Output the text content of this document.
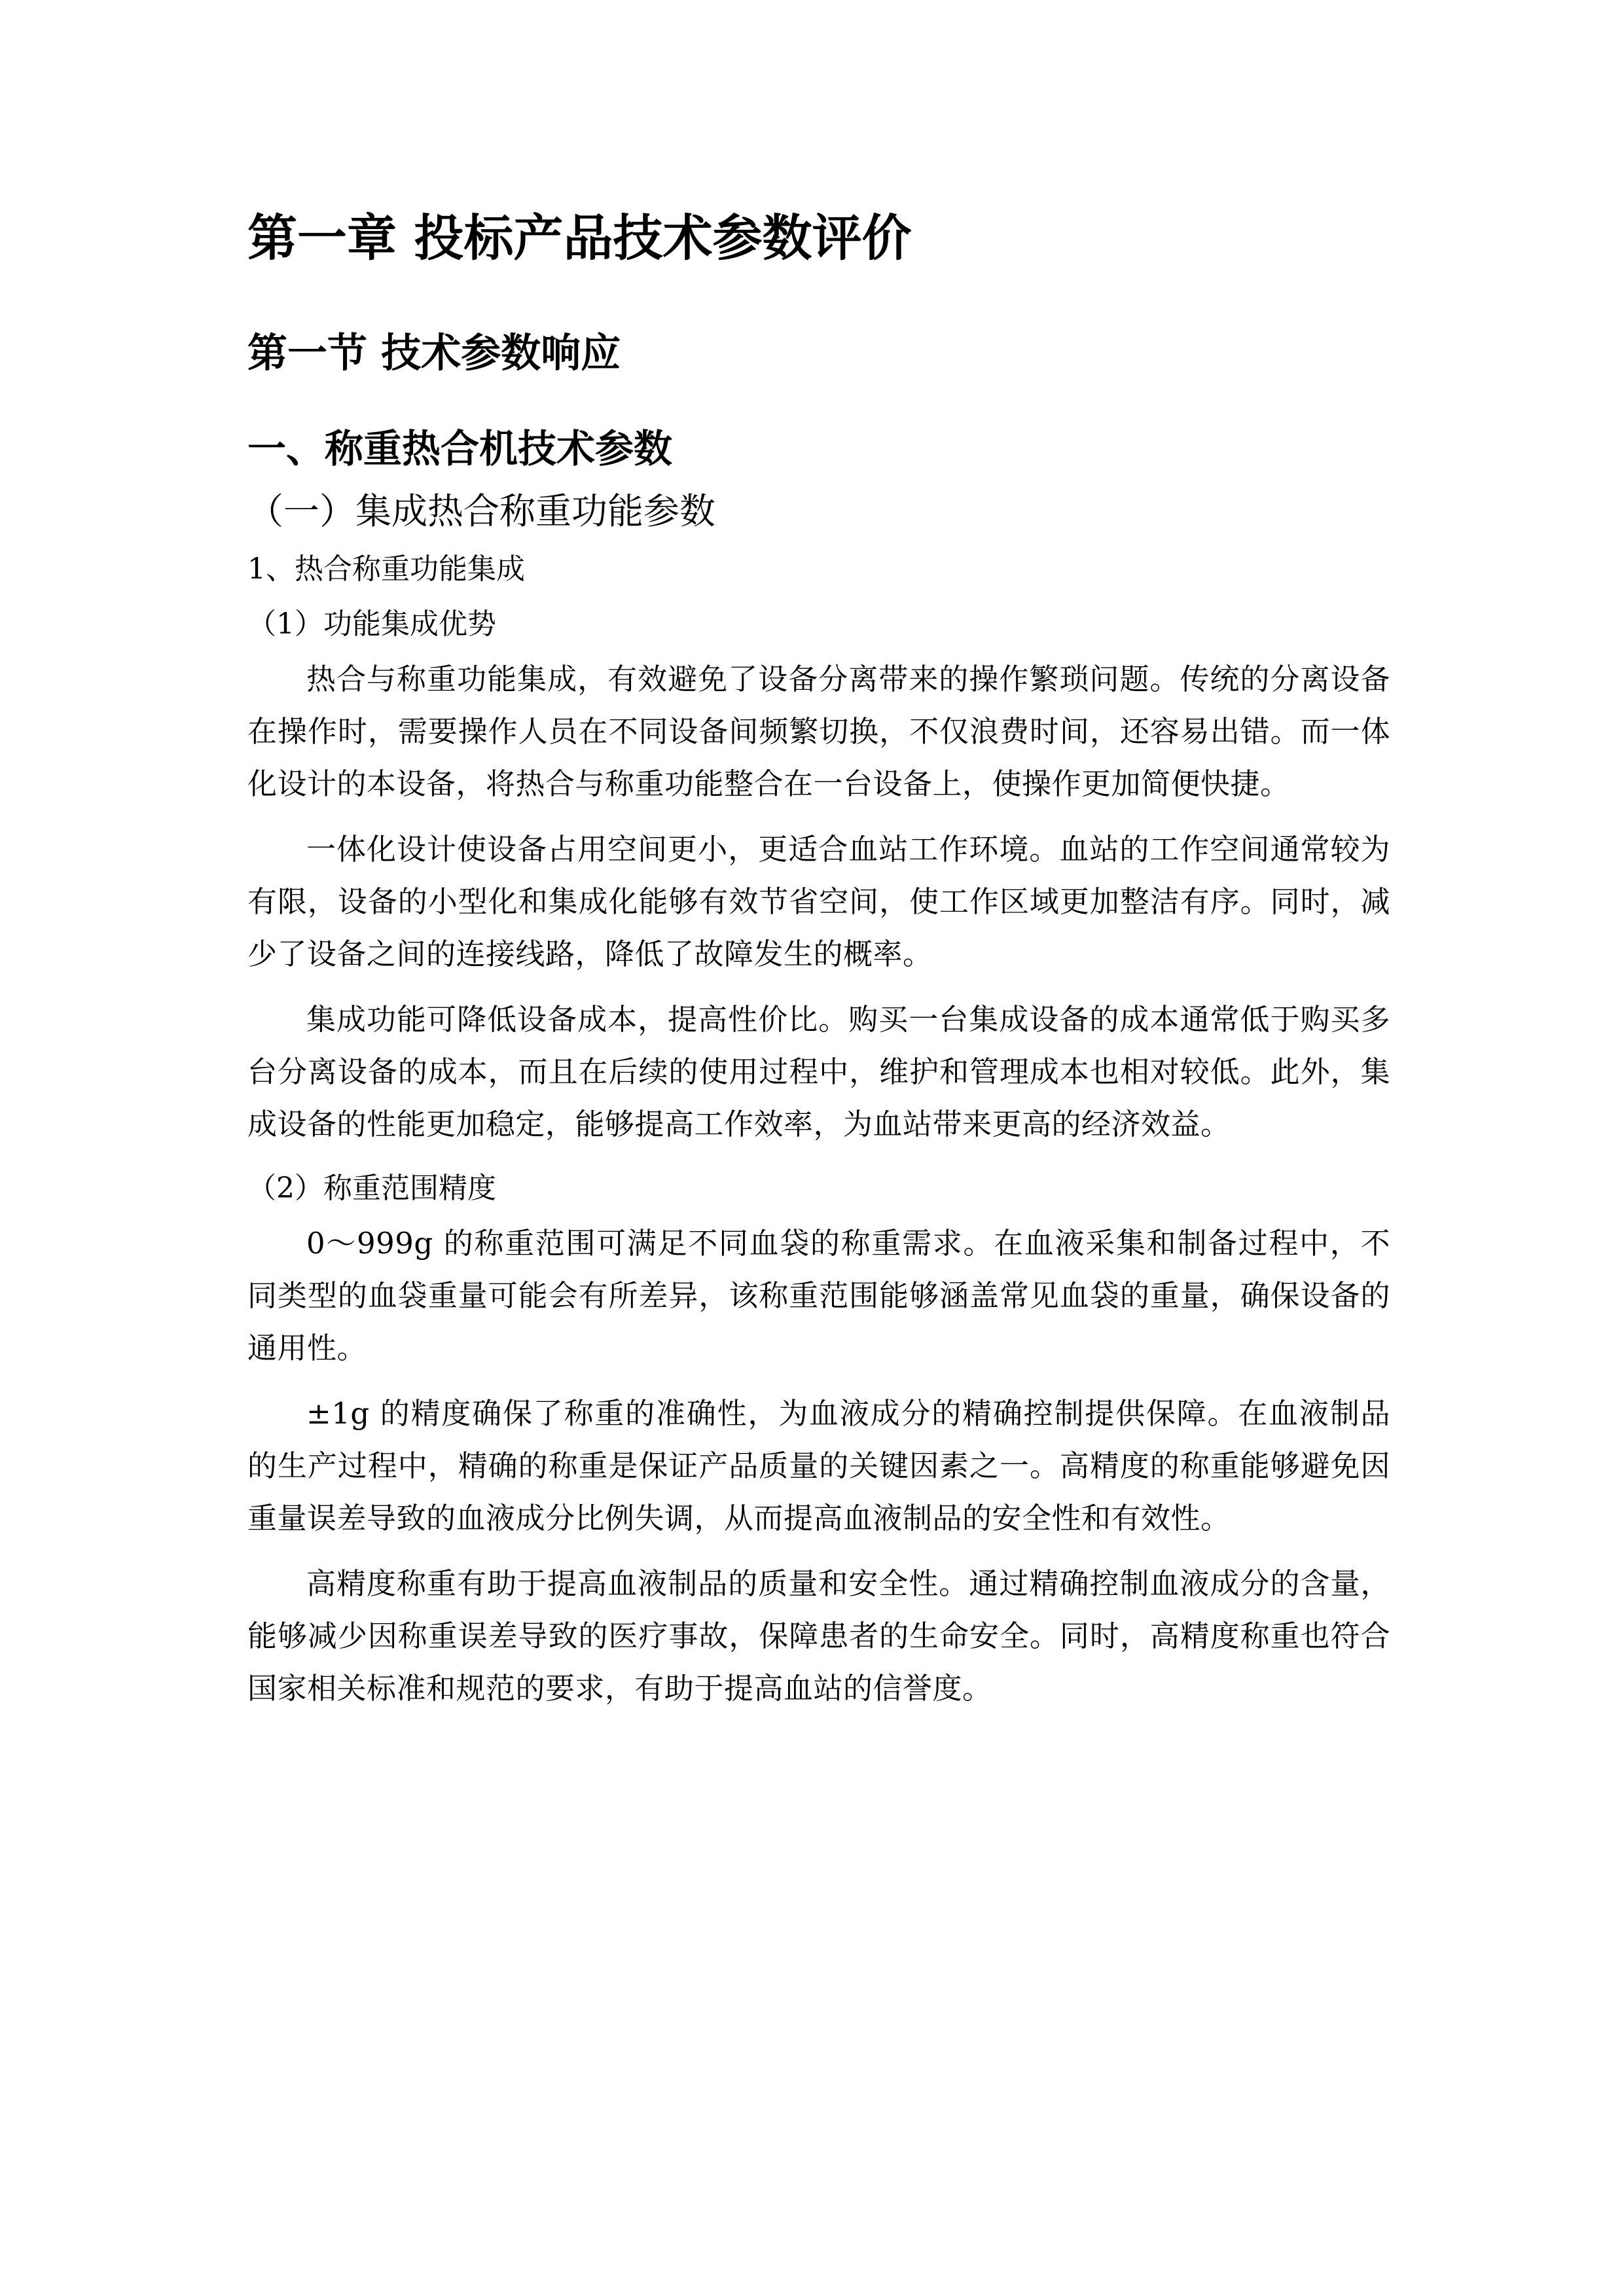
第一章 投标产品技术参数评价
第一节 技术参数响应
一、称重热合机技术参数
（一）集成热合称重功能参数
1、热合称重功能集成
（1）功能集成优势

热合与称重功能集成，有效避免了设备分离带来的操作繁琐问题。传统的分离设备在操作时，需要操作人员在不同设备间频繁切换，不仅浪费时间，还容易出错。而一体化设计的本设备，将热合与称重功能整合在一台设备上，使操作更加简便快捷。

一体化设计使设备占用空间更小，更适合血站工作环境。血站的工作空间通常较为有限，设备的小型化和集成化能够有效节省空间，使工作区域更加整洁有序。同时，减少了设备之间的连接线路，降低了故障发生的概率。

集成功能可降低设备成本，提高性价比。购买一台集成设备的成本通常低于购买多台分离设备的成本，而且在后续的使用过程中，维护和管理成本也相对较低。此外，集成设备的性能更加稳定，能够提高工作效率，为血站带来更高的经济效益。

（2）称重范围精度

0～999g 的称重范围可满足不同血袋的称重需求。在血液采集和制备过程中，不同类型的血袋重量可能会有所差异，该称重范围能够涵盖常见血袋的重量，确保设备的通用性。

±1g 的精度确保了称重的准确性，为血液成分的精确控制提供保障。在血液制品的生产过程中，精确的称重是保证产品质量的关键因素之一。高精度的称重能够避免因重量误差导致的血液成分比例失调，从而提高血液制品的安全性和有效性。

高精度称重有助于提高血液制品的质量和安全性。通过精确控制血液成分的含量，能够减少因称重误差导致的医疗事故，保障患者的生命安全。同时，高精度称重也符合国家相关标准和规范的要求，有助于提高血站的信誉度。
